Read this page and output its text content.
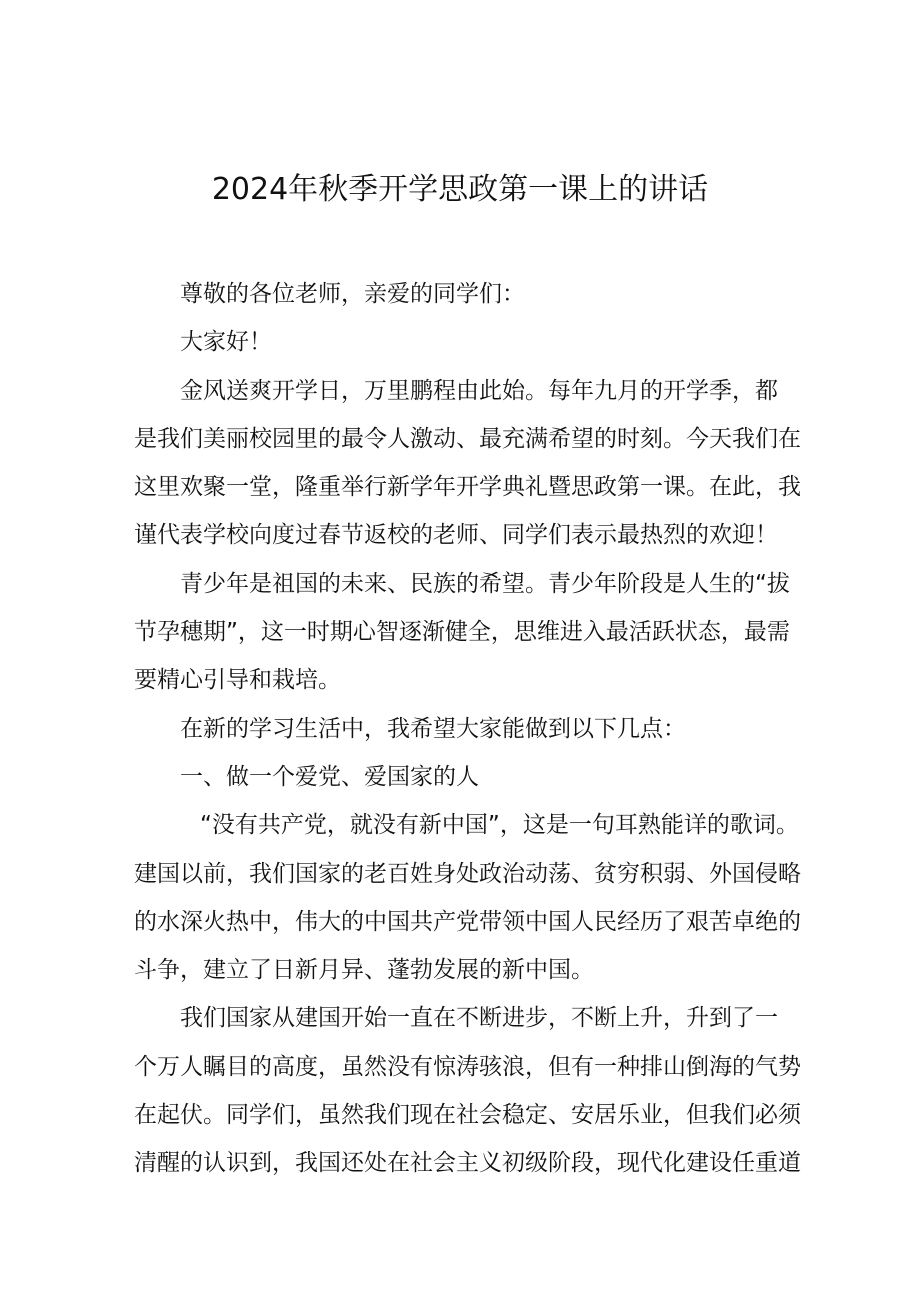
2024年秋季开学思政第一课上的讲话
尊敬的各位老师，亲爱的同学们：
大家好！
金风送爽开学日，万里鹏程由此始。每年九月的开学季，都
是我们美丽校园里的最令人激动、最充满希望的时刻。今天我们在
这里欢聚一堂，隆重举行新学年开学典礼暨思政第一课。在此，我
谨代表学校向度过春节返校的老师、同学们表示最热烈的欢迎！
青少年是祖国的未来、民族的希望。青少年阶段是人生的“拔
节孕穗期”，这一时期心智逐渐健全，思维进入最活跃状态，最需
要精心引导和栽培。
在新的学习生活中，我希望大家能做到以下几点：
一、做一个爱党、爱国家的人
“没有共产党，就没有新中国”，这是一句耳熟能详的歌词。
建国以前，我们国家的老百姓身处政治动荡、贫穷积弱、外国侵略
的水深火热中，伟大的中国共产党带领中国人民经历了艰苦卓绝的
斗争，建立了日新月异、蓬勃发展的新中国。
我们国家从建国开始一直在不断进步，不断上升，升到了一
个万人瞩目的高度，虽然没有惊涛骇浪，但有一种排山倒海的气势
在起伏。同学们，虽然我们现在社会稳定、安居乐业，但我们必须
清醒的认识到，我国还处在社会主义初级阶段，现代化建设任重道
